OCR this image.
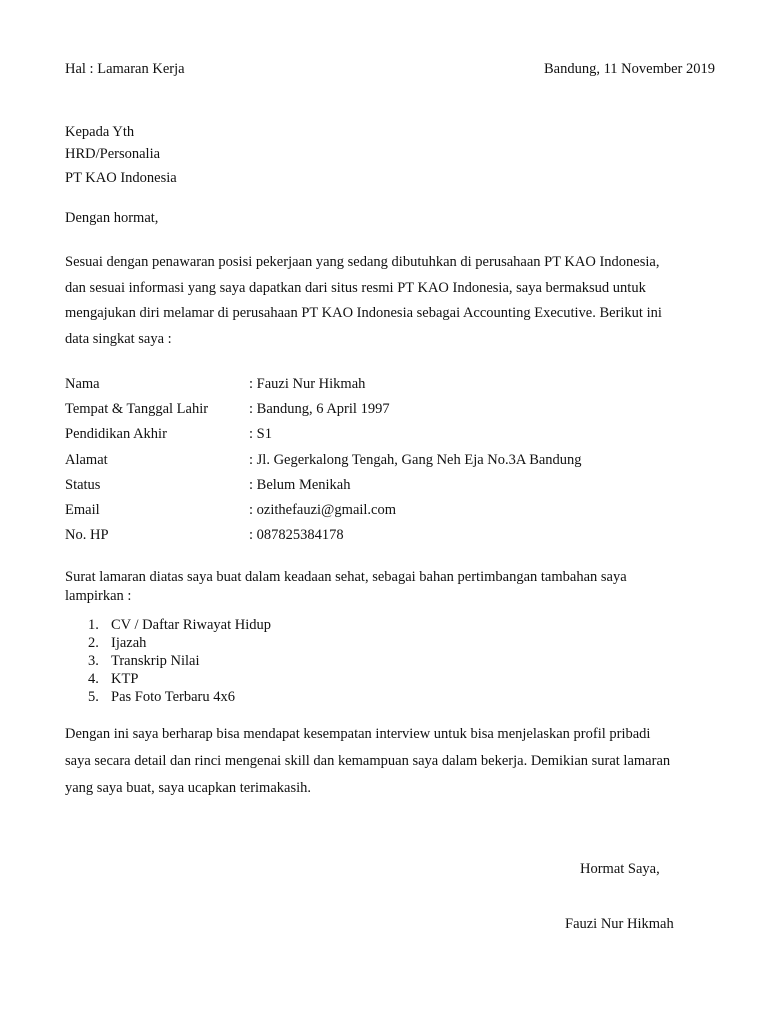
Hal : Lamaran Kerja	Bandung, 11 November 2019
Kepada Yth
HRD/Personalia
PT KAO Indonesia
Dengan hormat,

Sesuai dengan penawaran posisi pekerjaan yang sedang dibutuhkan di perusahaan PT KAO Indonesia,

dan sesuai informasi yang saya dapatkan dari situs resmi PT KAO Indonesia, saya bermaksud untuk

mengajukan diri melamar di perusahaan PT KAO Indonesia sebagai Accounting Executive. Berikut ini

data singkat saya :

Nama	: Fauzi Nur Hikmah
Tempat & Tanggal Lahir	: Bandung, 6 April 1997
Pendidikan Akhir	: S1
Alamat	: Jl. Gegerkalong Tengah, Gang Neh Eja No.3A Bandung
Status	: Belum Menikah
Email	: ozithefauzi@gmail.com
No. HP	: 087825384178

Surat lamaran diatas saya buat dalam keadaan sehat, sebagai bahan pertimbangan tambahan saya

lampirkan :

1. CV / Daftar Riwayat Hidup
2. Ijazah
3. Transkrip Nilai
4. KTP
5. Pas Foto Terbaru 4x6

Dengan ini saya berharap bisa mendapat kesempatan interview untuk bisa menjelaskan profil pribadi

saya secara detail dan rinci mengenai skill dan kemampuan saya dalam bekerja. Demikian surat lamaran

yang saya buat, saya ucapkan terimakasih.

Hormat Saya,
Fauzi Nur Hikmah
